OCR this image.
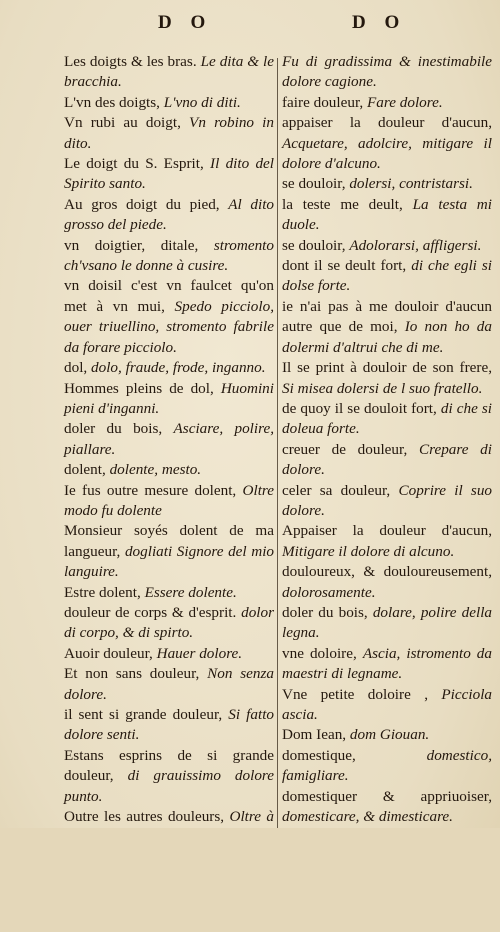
D O	D O
Les doigts & les bras. Le dita & le bracchia.
L'vn des doigts, L'vno di diti.
Vn rubi au doigt, Vn robino in dito.
Le doigt du S. Esprit, Il dito del Spirito santo.
Au gros doigt du pied, Al dito grosso del piede.
vn doigtier, ditale, stromento ch'vsano le donne à cusire.
vn doisil c'est vn faulcet qu'on met à vn mui, Spedo picciolo, ouer triuellino, stromento fabrile da forare picciolo.
dol, dolo, fraude, frode, inganno.
Hommes pleins de dol, Huomini pieni d'inganni.
doler du bois, Asciare, polire, piallare.
dolent, dolente, mesto.
Ie fus outre mesure dolent, Oltre modo fu dolente
Monsieur soyés dolent de ma langueur, dogliati Signore del mio languire.
Estre dolent, Essere dolente.
douleur de corps & d'esprit. dolor di corpo, & di spirto.
Auoir douleur, Hauer dolore.
Et non sans douleur, Non senza dolore.
il sent si grande douleur, Si fatto dolore senti.
Estans esprins de si grande douleur, di grauissimo dolore punto.
Outre les autres douleurs, Oltre à
Fu di gradissima & inestimabile dolore cagione.
faire douleur, Fare dolore.
appaiser la douleur d'aucun, Acquetare, adolcire, mitigare il dolore d'alcuno.
se douloir, dolersi, contristarsi.
la teste me deult, La testa mi duole.
se douloir, Adolorarsi, affligersi.
dont il se deult fort, di che egli si dolse forte.
ie n'ai pas à me douloir d'aucun autre que de moi, Io non ho da dolermi d'altrui che di me.
Il se print à douloir de son frere, Si misea dolersi de l suo fratello.
de quoy il se douloit fort, di che si doleua forte.
creuer de douleur, Crepare di dolore.
celer sa douleur, Coprire il suo dolore.
Appaiser la douleur d'aucun, Mitigare il dolore di alcuno.
douloureux, & douloureusement, dolorosamente.
doler du bois, dolare, polire della legna.
vne doloire, Ascia, istromento da maestri di legname.
Vne petite doloire , Picciola ascia.
Dom Iean, dom Giouan.
domestique,	domestico, famigliare.
domestiquer & appriuoiser, domesticare, & dimesticare.
